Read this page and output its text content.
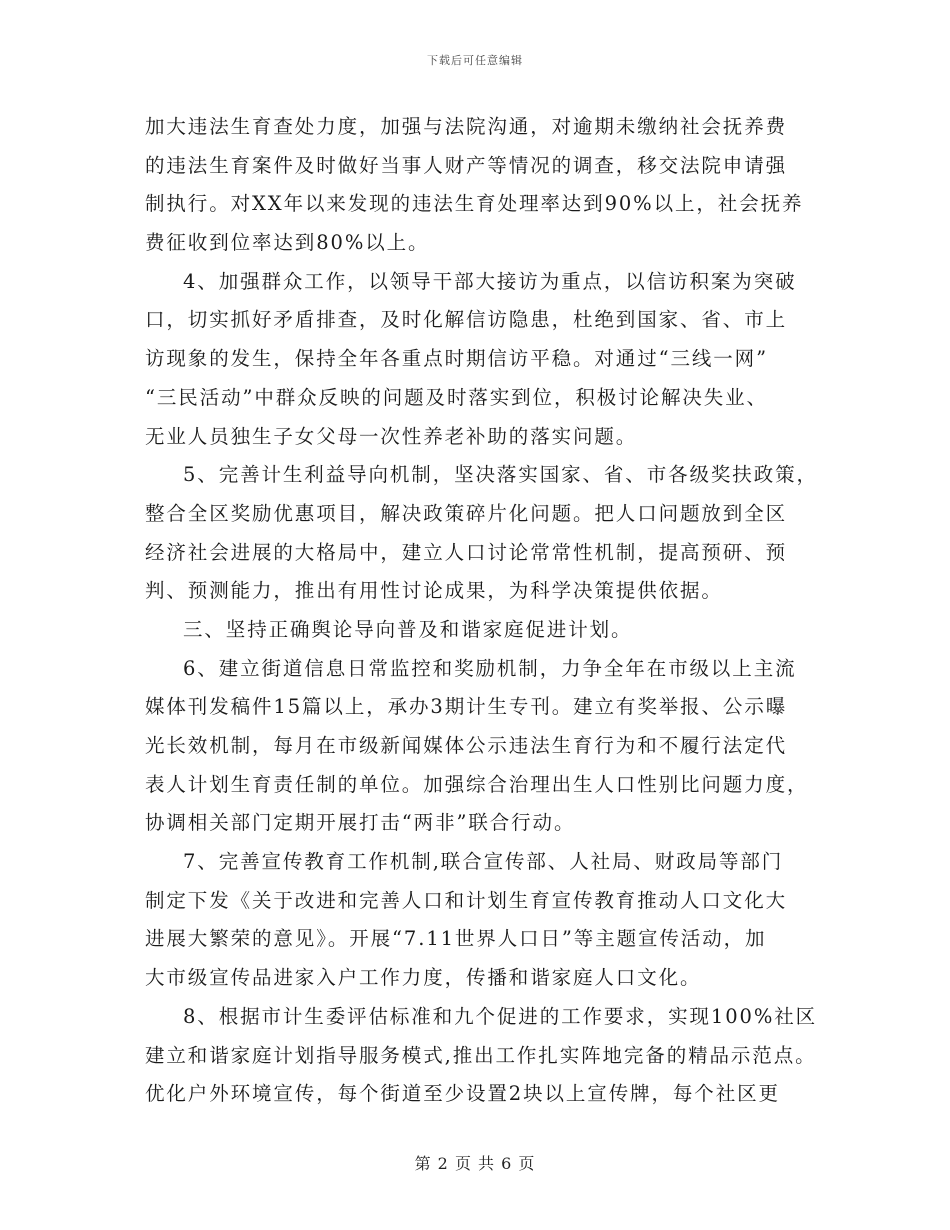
下载后可任意编辑
加大违法生育查处力度，加强与法院沟通，对逾期未缴纳社会抚养费
的违法生育案件及时做好当事人财产等情况的调查，移交法院申请强
制执行。对XX年以来发现的违法生育处理率达到90%以上，社会抚养
费征收到位率达到80%以上。
4、加强群众工作，以领导干部大接访为重点，以信访积案为突破
口，切实抓好矛盾排查，及时化解信访隐患，杜绝到国家、省、市上
访现象的发生，保持全年各重点时期信访平稳。对通过“三线一网”
“三民活动”中群众反映的问题及时落实到位，积极讨论解决失业、
无业人员独生子女父母一次性养老补助的落实问题。
5、完善计生利益导向机制，坚决落实国家、省、市各级奖扶政策，
整合全区奖励优惠项目，解决政策碎片化问题。把人口问题放到全区
经济社会进展的大格局中，建立人口讨论常常性机制，提高预研、预
判、预测能力，推出有用性讨论成果，为科学决策提供依据。
三、坚持正确舆论导向普及和谐家庭促进计划。
6、建立街道信息日常监控和奖励机制，力争全年在市级以上主流
媒体刊发稿件15篇以上，承办3期计生专刊。建立有奖举报、公示曝
光长效机制，每月在市级新闻媒体公示违法生育行为和不履行法定代
表人计划生育责任制的单位。加强综合治理出生人口性别比问题力度，
协调相关部门定期开展打击“两非”联合行动。
7、完善宣传教育工作机制,联合宣传部、人社局、财政局等部门
制定下发《关于改进和完善人口和计划生育宣传教育推动人口文化大
进展大繁荣的意见》。开展“7.11世界人口日”等主题宣传活动，加
大市级宣传品进家入户工作力度，传播和谐家庭人口文化。
8、根据市计生委评估标准和九个促进的工作要求，实现100%社区
建立和谐家庭计划指导服务模式,推出工作扎实阵地完备的精品示范点。
优化户外环境宣传，每个街道至少设置2块以上宣传牌，每个社区更
第 2 页 共 6 页
